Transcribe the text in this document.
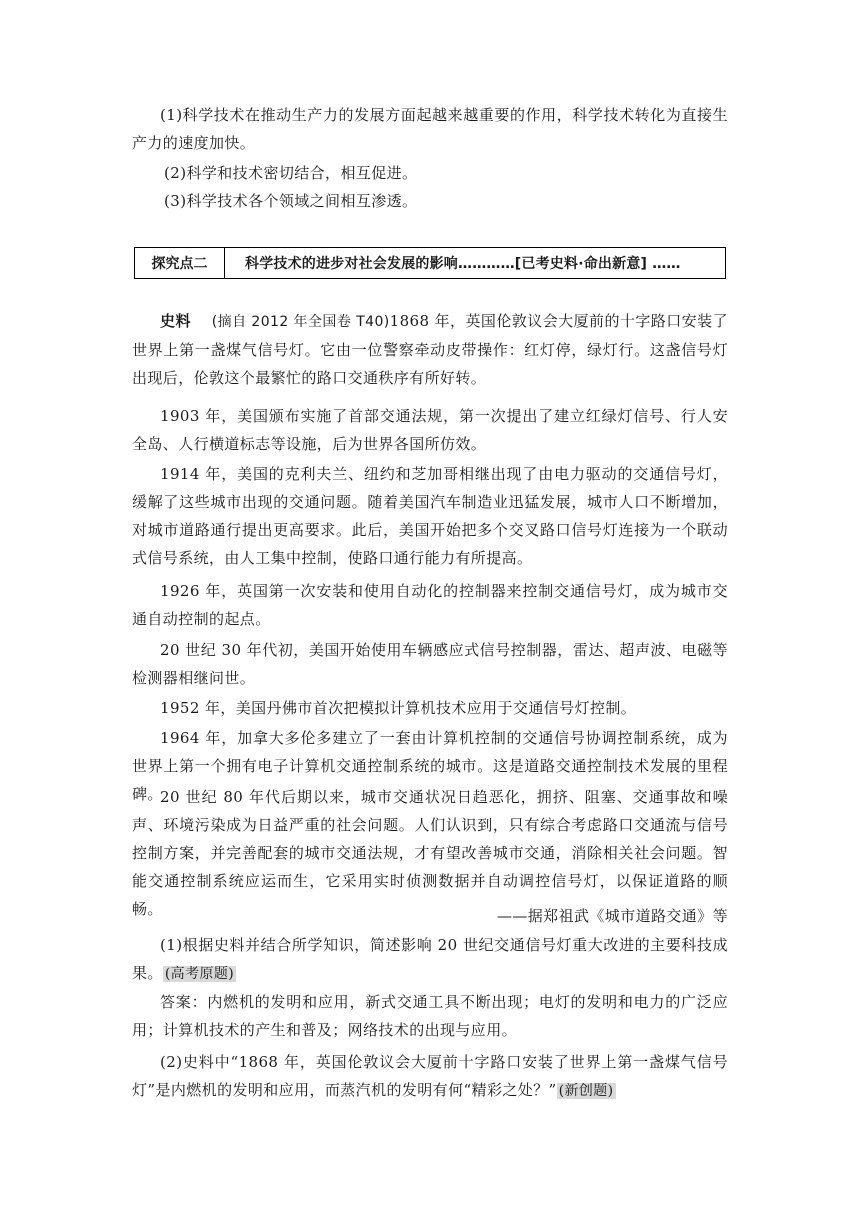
(1)科学技术在推动生产力的发展方面起越来越重要的作用，科学技术转化为直接生产力的速度加快。

(2)科学和技术密切结合，相互促进。

(3)科学技术各个领域之间相互渗透。

探究点二	科学技术的进步对社会发展的影响…………[已考史料·命出新意] ……

史料 (摘自 2012 年全国卷 T40)1868 年，英国伦敦议会大厦前的十字路口安装了世界上第一盏煤气信号灯。它由一位警察牵动皮带操作：红灯停，绿灯行。这盏信号灯出现后，伦敦这个最繁忙的路口交通秩序有所好转。

1903 年，美国颁布实施了首部交通法规，第一次提出了建立红绿灯信号、行人安全岛、人行横道标志等设施，后为世界各国所仿效。

1914 年，美国的克利夫兰、纽约和芝加哥相继出现了由电力驱动的交通信号灯，缓解了这些城市出现的交通问题。随着美国汽车制造业迅猛发展，城市人口不断增加，对城市道路通行提出更高要求。此后，美国开始把多个交叉路口信号灯连接为一个联动式信号系统，由人工集中控制，使路口通行能力有所提高。

1926 年，英国第一次安装和使用自动化的控制器来控制交通信号灯，成为城市交通自动控制的起点。

20 世纪 30 年代初，美国开始使用车辆感应式信号控制器，雷达、超声波、电磁等检测器相继问世。

1952 年，美国丹佛市首次把模拟计算机技术应用于交通信号灯控制。

1964 年，加拿大多伦多建立了一套由计算机控制的交通信号协调控制系统，成为世界上第一个拥有电子计算机交通控制系统的城市。这是道路交通控制技术发展的里程碑。

20 世纪 80 年代后期以来，城市交通状况日趋恶化，拥挤、阻塞、交通事故和噪声、环境污染成为日益严重的社会问题。人们认识到，只有综合考虑路口交通流与信号控制方案，并完善配套的城市交通法规，才有望改善城市交通，消除相关社会问题。智能交通控制系统应运而生，它采用实时侦测数据并自动调控信号灯，以保证道路的顺畅。	——据郑祖武《城市道路交通》等

(1)根据史料并结合所学知识，简述影响 20 世纪交通信号灯重大改进的主要科技成果。 (高考原题)

答案：内燃机的发明和应用，新式交通工具不断出现；电灯的发明和电力的广泛应用；计算机技术的产生和普及；网络技术的出现与应用。

(2)史料中“1868 年，英国伦敦议会大厦前十字路口安装了世界上第一盏煤气信号灯”是内燃机的发明和应用，而蒸汽机的发明有何“精彩之处？” (新创题)
